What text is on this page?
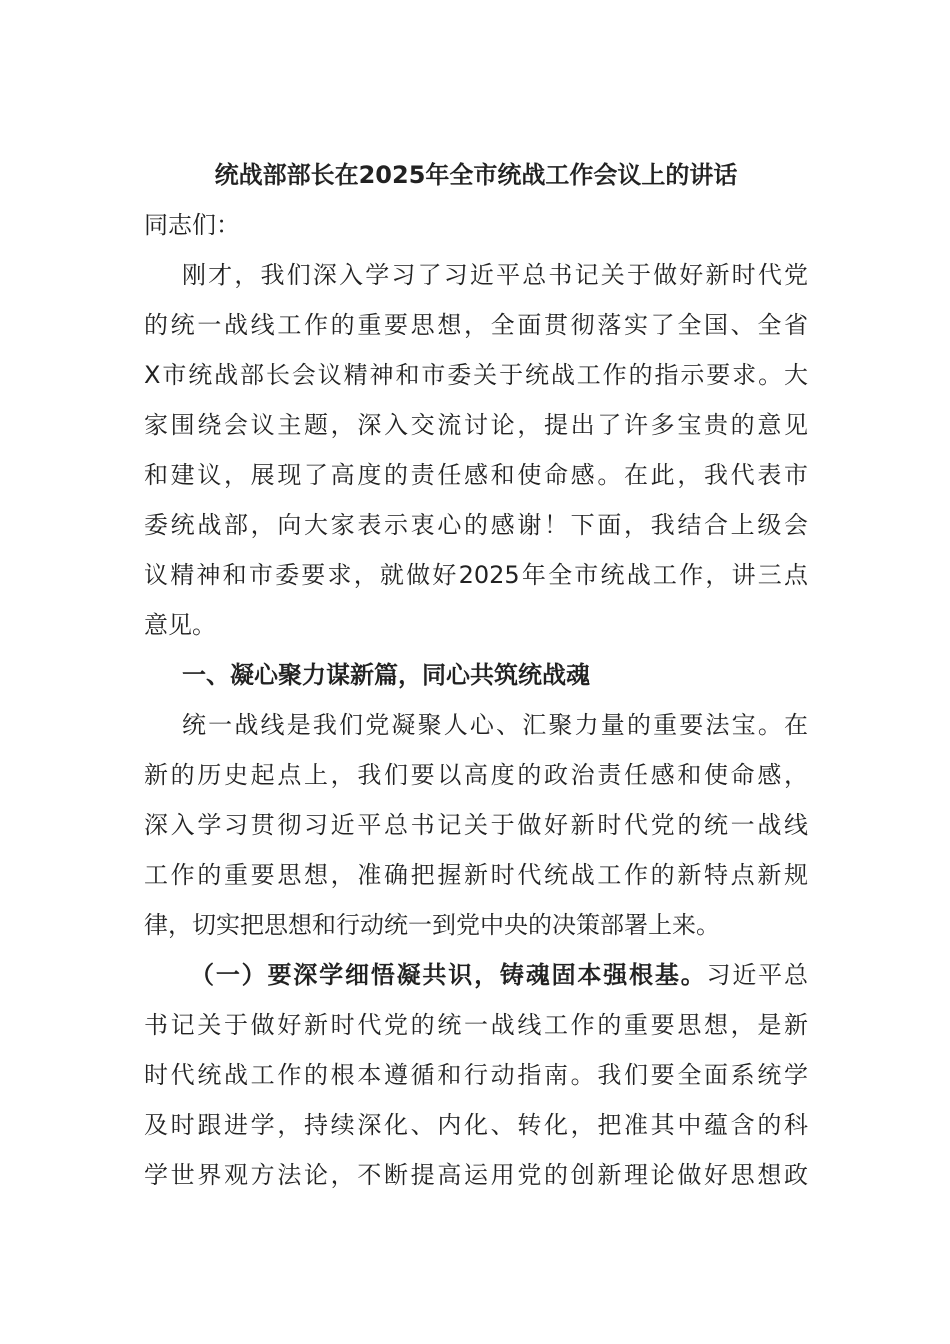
统战部部长在2025年全市统战工作会议上的讲话
同志们：
刚才，我们深入学习了习近平总书记关于做好新时代党
的统一战线工作的重要思想，全面贯彻落实了全国、全省
X市统战部长会议精神和市委关于统战工作的指示要求。大
家围绕会议主题，深入交流讨论，提出了许多宝贵的意见
和建议，展现了高度的责任感和使命感。在此，我代表市
委统战部，向大家表示衷心的感谢！下面，我结合上级会
议精神和市委要求，就做好2025年全市统战工作，讲三点
意见。
一、凝心聚力谋新篇，同心共筑统战魂
统一战线是我们党凝聚人心、汇聚力量的重要法宝。在
新的历史起点上，我们要以高度的政治责任感和使命感，
深入学习贯彻习近平总书记关于做好新时代党的统一战线
工作的重要思想，准确把握新时代统战工作的新特点新规
律，切实把思想和行动统一到党中央的决策部署上来。
（一）要深学细悟凝共识，铸魂固本强根基。习近平总
书记关于做好新时代党的统一战线工作的重要思想，是新
时代统战工作的根本遵循和行动指南。我们要全面系统学
及时跟进学，持续深化、内化、转化，把准其中蕴含的科
学世界观方法论，不断提高运用党的创新理论做好思想政
